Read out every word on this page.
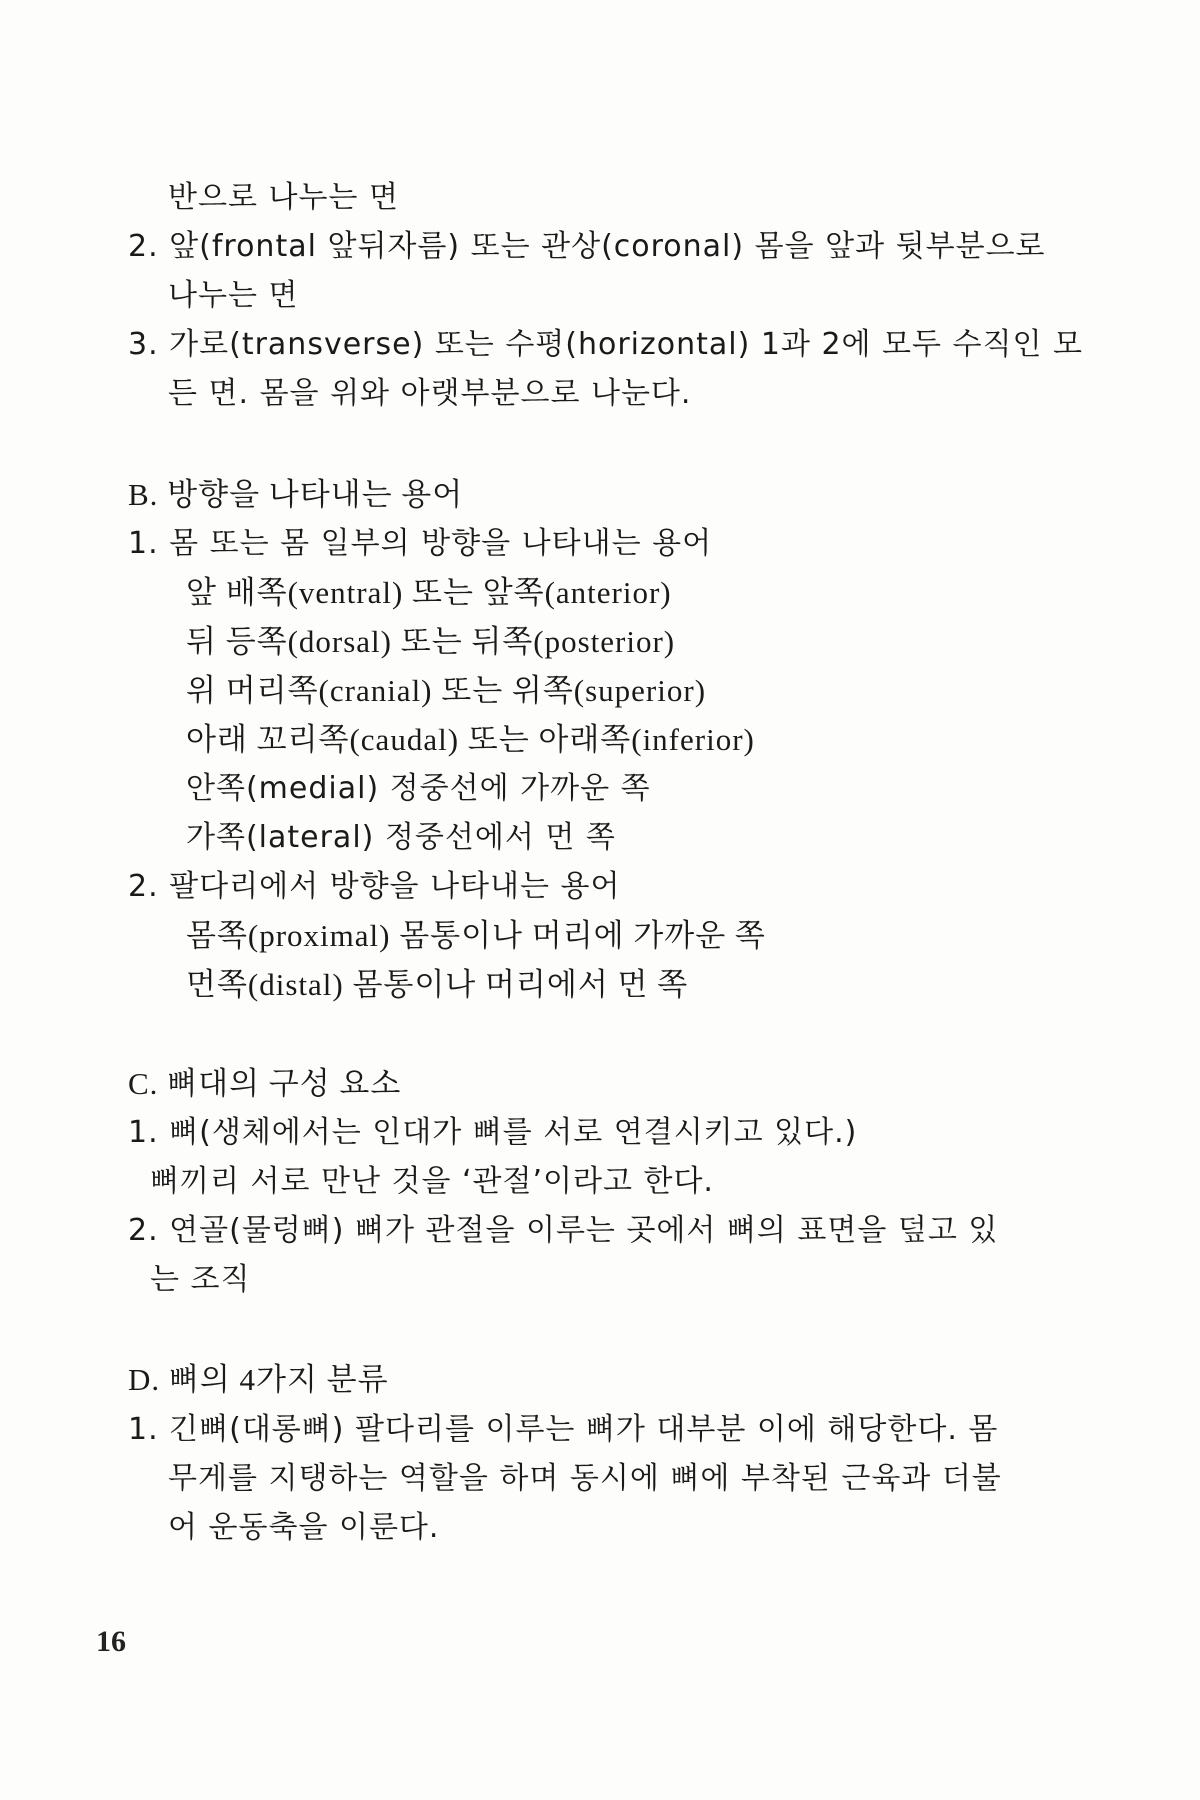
반으로 나누는 면
2. 앞(frontal 앞뒤자름) 또는 관상(coronal) 몸을 앞과 뒷부분으로
나누는 면
3. 가로(transverse) 또는 수평(horizontal) 1과 2에 모두 수직인 모
든 면. 몸을 위와 아랫부분으로 나눈다.
B. 방향을 나타내는 용어
1. 몸 또는 몸 일부의 방향을 나타내는 용어
앞 배쪽(ventral) 또는 앞쪽(anterior)
뒤 등쪽(dorsal) 또는 뒤쪽(posterior)
위 머리쪽(cranial) 또는 위쪽(superior)
아래 꼬리쪽(caudal) 또는 아래쪽(inferior)
안쪽(medial) 정중선에 가까운 쪽
가쪽(lateral) 정중선에서 먼 쪽
2. 팔다리에서 방향을 나타내는 용어
몸쪽(proximal) 몸통이나 머리에 가까운 쪽
먼쪽(distal) 몸통이나 머리에서 먼 쪽
C. 뼈대의 구성 요소
1. 뼈(생체에서는 인대가 뼈를 서로 연결시키고 있다.)
뼈끼리 서로 만난 것을 ‘관절’이라고 한다.
2. 연골(물렁뼈) 뼈가 관절을 이루는 곳에서 뼈의 표면을 덮고 있
는 조직
D. 뼈의 4가지 분류
1. 긴뼈(대롱뼈) 팔다리를 이루는 뼈가 대부분 이에 해당한다. 몸
무게를 지탱하는 역할을 하며 동시에 뼈에 부착된 근육과 더불
어 운동축을 이룬다.
16
